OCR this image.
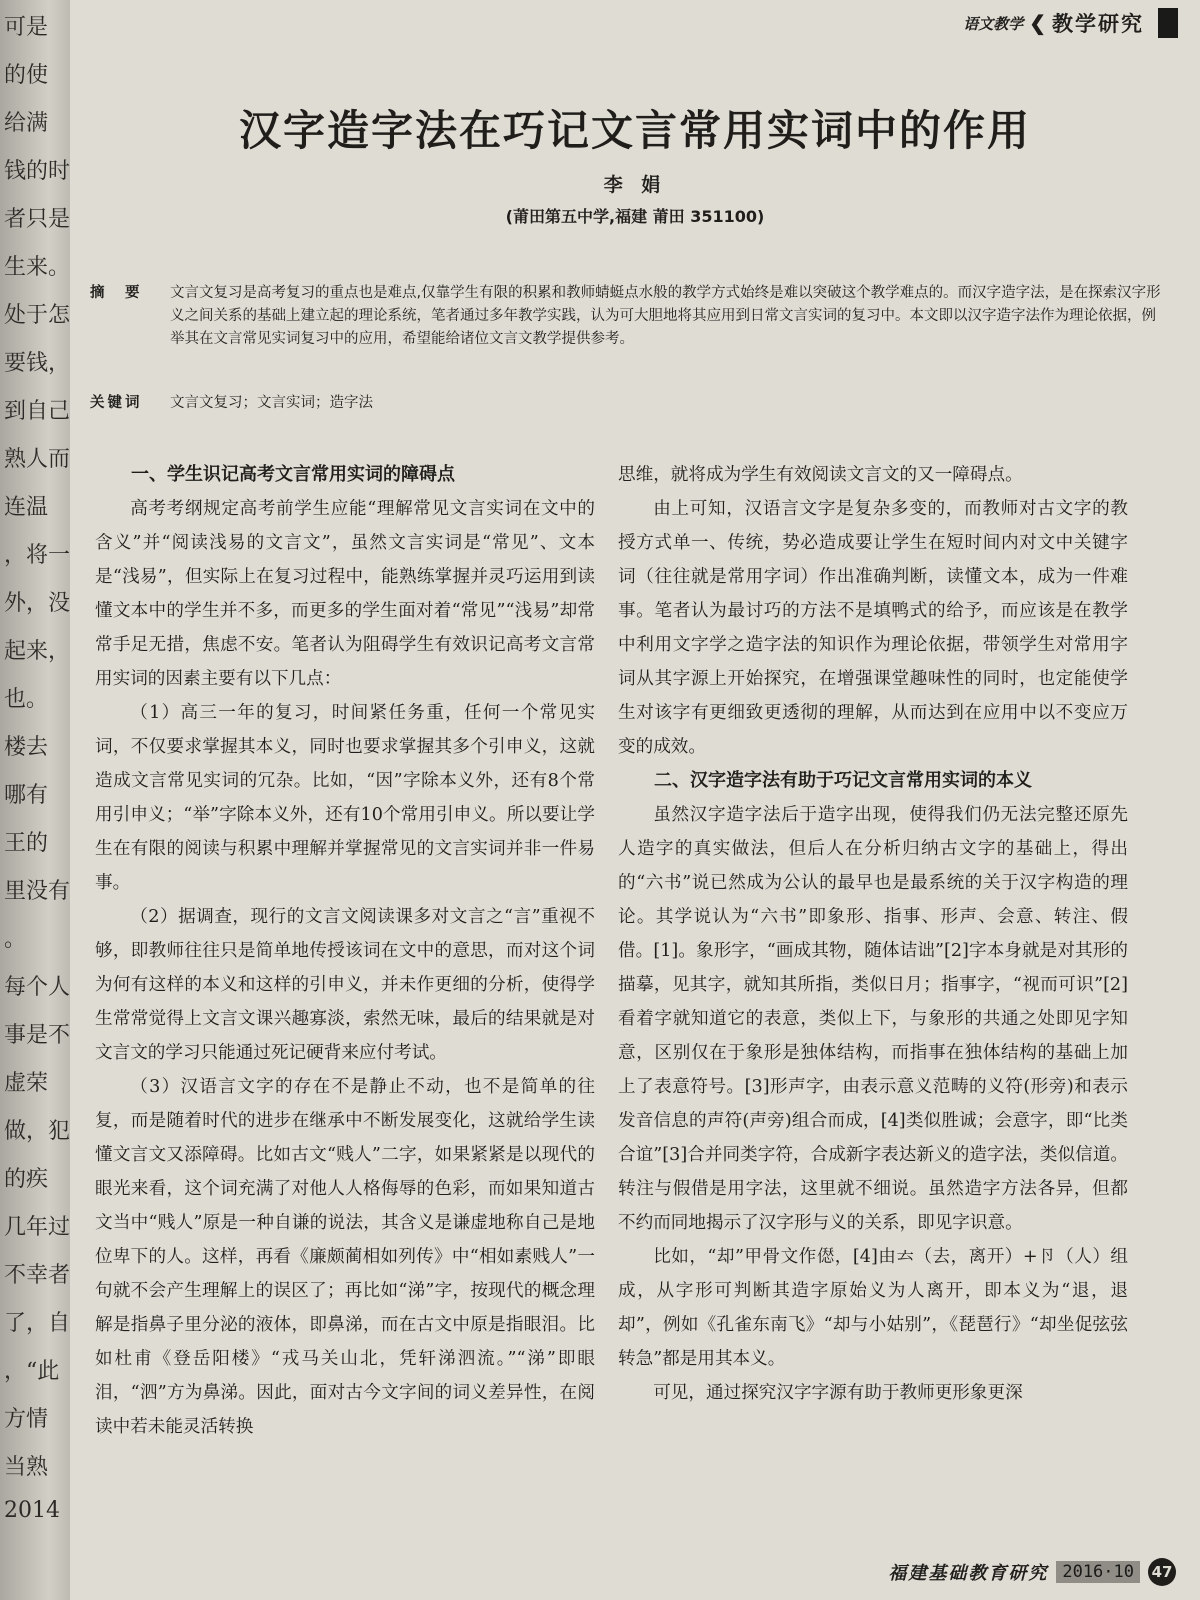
可是
的使
给满
钱的时
者只是
生来。
处于怎
要钱，
到自己
熟人而
连温
，将一
外，没
起来，
也。
楼去
哪有
王的
里没有
。
每个人
事是不
虚荣
做，犯
的疾
几年过
不幸者
了，自
，“此
方情
当熟
2014
语文教学 ❮ 教学研究
汉字造字法在巧记文言常用实词中的作用
李 娟
(莆田第五中学,福建 莆田 351100)
摘　要	文言文复习是高考复习的重点也是难点,仅靠学生有限的积累和教师蜻蜓点水般的教学方式始终是难以突破这个教学难点的。而汉字造字法，是在探索汉字形义之间关系的基础上建立起的理论系统，笔者通过多年教学实践，认为可大胆地将其应用到日常文言实词的复习中。本文即以汉字造字法作为理论依据，例举其在文言常见实词复习中的应用，希望能给诸位文言文教学提供参考。
关键词	文言文复习；文言实词；造字法
一、学生识记高考文言常用实词的障碍点

高考考纲规定高考前学生应能“理解常见文言实词在文中的含义”并“阅读浅易的文言文”，虽然文言实词是“常见”、文本是“浅易”，但实际上在复习过程中，能熟练掌握并灵巧运用到读懂文本中的学生并不多，而更多的学生面对着“常见”“浅易”却常常手足无措，焦虑不安。笔者认为阻碍学生有效识记高考文言常用实词的因素主要有以下几点：

（1）高三一年的复习，时间紧任务重，任何一个常见实词，不仅要求掌握其本义，同时也要求掌握其多个引申义，这就造成文言常见实词的冗杂。比如，“因”字除本义外，还有8个常用引申义；“举”字除本义外，还有10个常用引申义。所以要让学生在有限的阅读与积累中理解并掌握常见的文言实词并非一件易事。

（2）据调查，现行的文言文阅读课多对文言之“言”重视不够，即教师往往只是简单地传授该词在文中的意思，而对这个词为何有这样的本义和这样的引申义，并未作更细的分析，使得学生常常觉得上文言文课兴趣寡淡，索然无味，最后的结果就是对文言文的学习只能通过死记硬背来应付考试。

（3）汉语言文字的存在不是静止不动，也不是简单的往复，而是随着时代的进步在继承中不断发展变化，这就给学生读懂文言文又添障碍。比如古文“贱人”二字，如果紧紧是以现代的眼光来看，这个词充满了对他人人格侮辱的色彩，而如果知道古文当中“贱人”原是一种自谦的说法，其含义是谦虚地称自己是地位卑下的人。这样，再看《廉颇蔺相如列传》中“相如素贱人”一句就不会产生理解上的误区了；再比如“涕”字，按现代的概念理解是指鼻子里分泌的液体，即鼻涕，而在古文中原是指眼泪。比如杜甫《登岳阳楼》“戎马关山北，凭轩涕泗流。”“涕”即眼泪，“泗”方为鼻涕。因此，面对古今文字间的词义差异性，在阅读中若未能灵活转换

思维，就将成为学生有效阅读文言文的又一障碍点。

由上可知，汉语言文字是复杂多变的，而教师对古文字的教授方式单一、传统，势必造成要让学生在短时间内对文中关键字词（往往就是常用字词）作出准确判断，读懂文本，成为一件难事。笔者认为最讨巧的方法不是填鸭式的给予，而应该是在教学中利用文字学之造字法的知识作为理论依据，带领学生对常用字词从其字源上开始探究，在增强课堂趣味性的同时，也定能使学生对该字有更细致更透彻的理解，从而达到在应用中以不变应万变的成效。

二、汉字造字法有助于巧记文言常用实词的本义

虽然汉字造字法后于造字出现，使得我们仍无法完整还原先人造字的真实做法，但后人在分析归纳古文字的基础上，得出的“六书”说已然成为公认的最早也是最系统的关于汉字构造的理论。其学说认为“六书”即象形、指事、形声、会意、转注、假借。[1]。象形字，“画成其物，随体诘诎”[2]字本身就是对其形的描摹，见其字，就知其所指，类似日月；指事字，“视而可识”[2]看着字就知道它的表意，类似上下，与象形的共通之处即见字知意，区别仅在于象形是独体结构，而指事在独体结构的基础上加上了表意符号。[3]形声字，由表示意义范畴的义符(形旁)和表示发音信息的声符(声旁)组合而成，[4]类似胜诚；会意字，即“比类合谊”[3]合并同类字符，合成新字表达新义的造字法，类似信道。转注与假借是用字法，这里就不细说。虽然造字方法各异，但都不约而同地揭示了汉字形与义的关系，即见字识意。

比如，“却”甲骨文作𠍴，[4]由𠫓（去，离开）+卪（人）组成，从字形可判断其造字原始义为人离开，即本义为“退，退却”，例如《孔雀东南飞》“却与小姑别”，《琵琶行》“却坐促弦弦转急”都是用其本义。

可见，通过探究汉字字源有助于教师更形象更深

福建基础教育研究 2016·10	47
